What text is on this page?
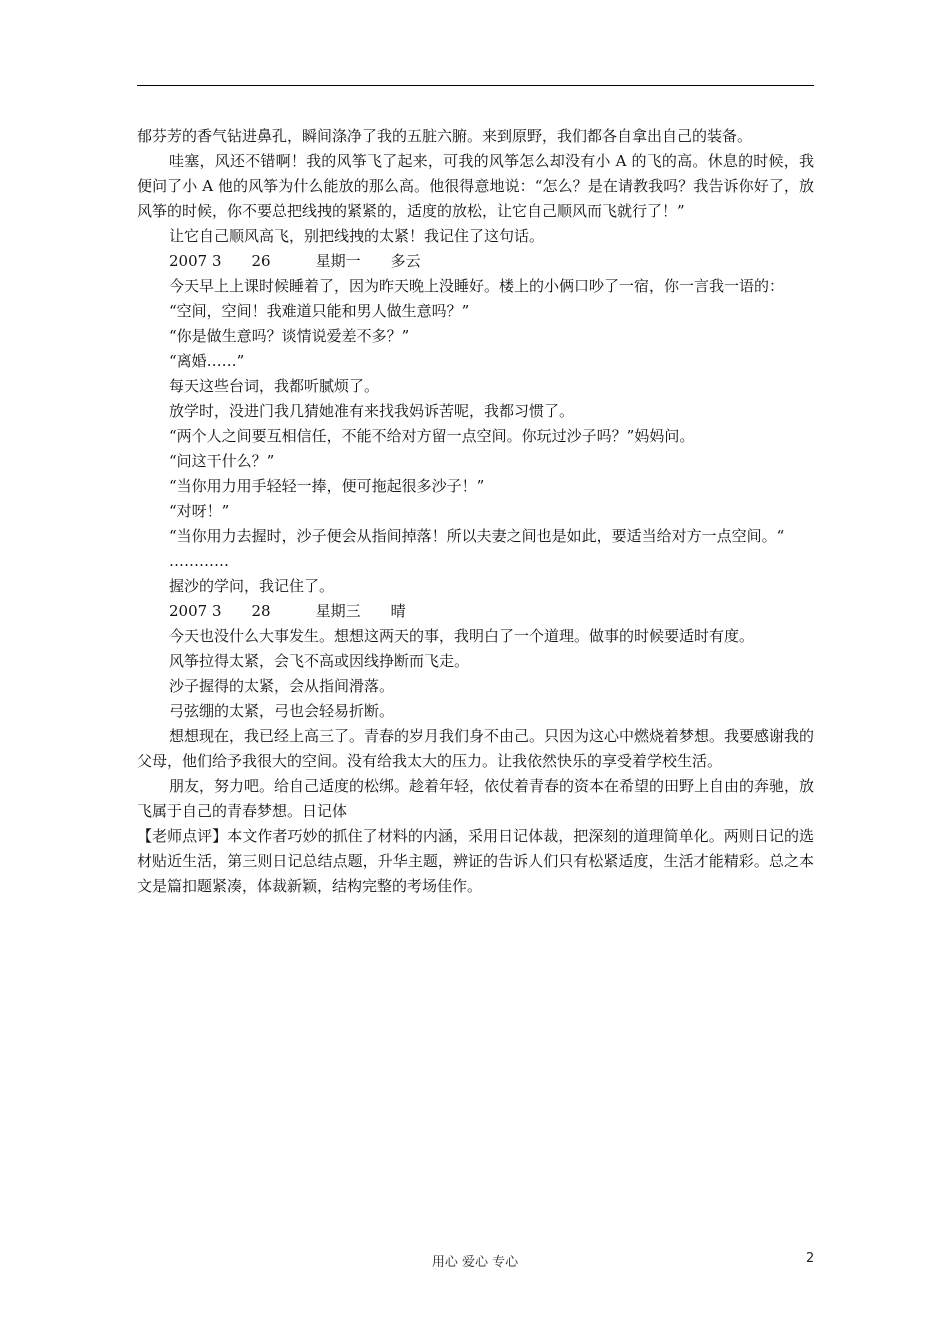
郁芬芳的香气钻进鼻孔，瞬间涤净了我的五脏六腑。来到原野，我们都各自拿出自己的装备。

哇塞，风还不错啊！我的风筝飞了起来，可我的风筝怎么却没有小 A 的飞的高。休息的时候，我便问了小 A 他的风筝为什么能放的那么高。他很得意地说：“怎么？是在请教我吗？我告诉你好了，放风筝的时候，你不要总把线拽的紧紧的，适度的放松，让它自己顺风而飞就行了！”

让它自己顺风高飞，别把线拽的太紧！我记住了这句话。

2007 3　　26　　　星期一　　多云

今天早上上课时候睡着了，因为昨天晚上没睡好。楼上的小俩口吵了一宿，你一言我一语的：

“空间，空间！我难道只能和男人做生意吗？”

“你是做生意吗？谈情说爱差不多？”

“离婚……”

每天这些台词，我都听腻烦了。

放学时，没进门我几猜她准有来找我妈诉苦呢，我都习惯了。

“两个人之间要互相信任，不能不给对方留一点空间。你玩过沙子吗？”妈妈问。

“问这干什么？”

“当你用力用手轻轻一捧，便可拖起很多沙子！”

“对呀！”

“当你用力去握时，沙子便会从指间掉落！所以夫妻之间也是如此，要适当给对方一点空间。“

…………

握沙的学问，我记住了。

2007 3　　28　　　星期三　　晴

今天也没什么大事发生。想想这两天的事，我明白了一个道理。做事的时候要适时有度。

风筝拉得太紧，会飞不高或因线挣断而飞走。

沙子握得的太紧，会从指间滑落。

弓弦绷的太紧，弓也会轻易折断。

想想现在，我已经上高三了。青春的岁月我们身不由己。只因为这心中燃烧着梦想。我要感谢我的父母，他们给予我很大的空间。没有给我太大的压力。让我依然快乐的享受着学校生活。

朋友，努力吧。给自己适度的松绑。趁着年轻，依仗着青春的资本在希望的田野上自由的奔驰，放飞属于自己的青春梦想。日记体

【老师点评】本文作者巧妙的抓住了材料的内涵，采用日记体裁，把深刻的道理简单化。两则日记的选材贴近生活，第三则日记总结点题，升华主题，辨证的告诉人们只有松紧适度，生活才能精彩。总之本文是篇扣题紧凑，体裁新颖，结构完整的考场佳作。

用心 爱心 专心	2
